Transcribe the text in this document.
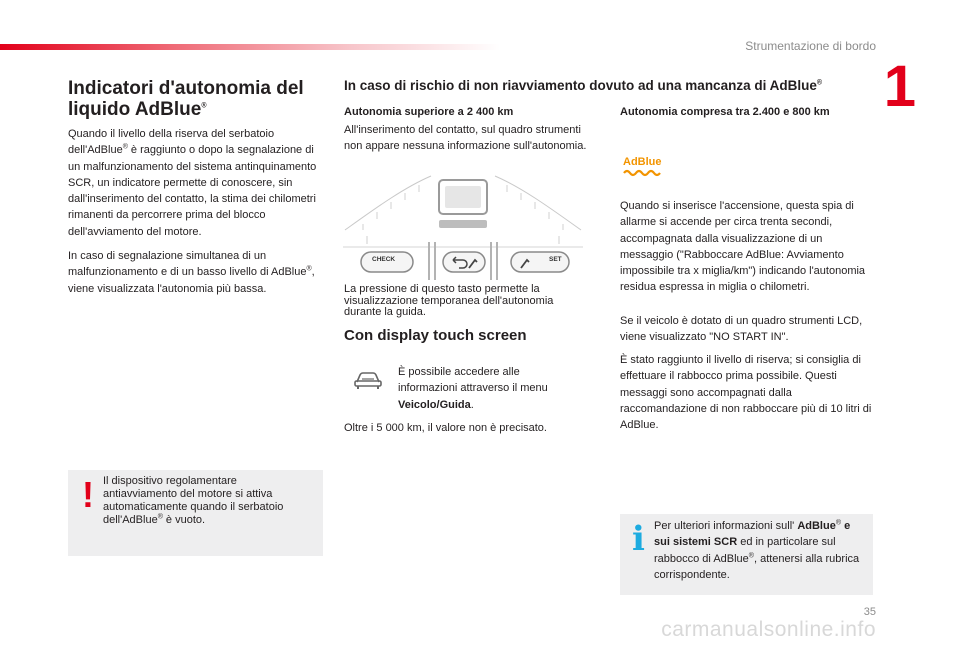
Strumentazione di bordo
1
Indicatori d'autonomia del liquido AdBlue®

Quando il livello della riserva del serbatoio dell'AdBlue® è raggiunto o dopo la segnalazione di un malfunzionamento del sistema antinquinamento SCR, un indicatore permette di conoscere, sin dall'inserimento del contatto, la stima dei chilometri rimanenti da percorrere prima del blocco dell'avviamento del motore.

In caso di segnalazione simultanea di un malfunzionamento e di un basso livello di AdBlue®, viene visualizzata l'autonomia più bassa.

! Il dispositivo regolamentare antiavviamento del motore si attiva automaticamente quando il serbatoio dell'AdBlue® è vuoto.

In caso di rischio di non riavviamento dovuto ad una mancanza di AdBlue®

Autonomia superiore a 2 400 km

All'inserimento del contatto, sul quadro strumenti non appare nessuna informazione sull'autonomia.

CHECK	SET

La pressione di questo tasto permette la visualizzazione temporanea dell'autonomia durante la guida.

Con display touch screen

È possibile accedere alle informazioni attraverso il menu Veicolo/Guida.

Oltre i 5 000 km, il valore non è precisato.

Autonomia compresa tra 2.400 e 800 km

AdBlue

Quando si inserisce l'accensione, questa spia di allarme si accende per circa trenta secondi, accompagnata dalla visualizzazione di un messaggio ("Rabboccare AdBlue: Avviamento impossibile tra x miglia/km") indicando l'autonomia residua espressa in miglia o chilometri.

Se il veicolo è dotato di un quadro strumenti LCD, viene visualizzato "NO START IN".

È stato raggiunto il livello di riserva; si consiglia di effettuare il rabbocco prima possibile. Questi messaggi sono accompagnati dalla raccomandazione di non rabboccare più di 10 litri di AdBlue.

i Per ulteriori informazioni sull' AdBlue® e sui sistemi SCR ed in particolare sul rabbocco di AdBlue®, attenersi alla rubrica corrispondente.

35
carmanualsonline.info
